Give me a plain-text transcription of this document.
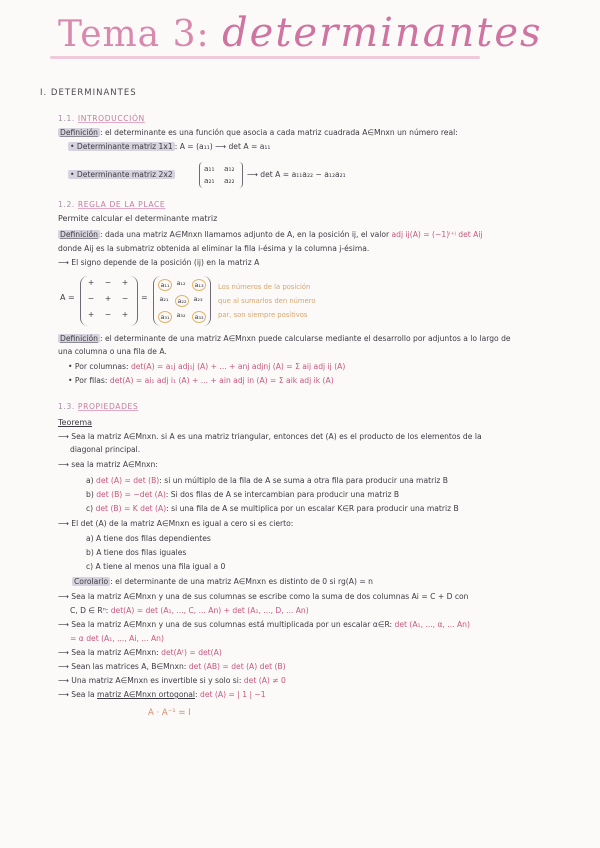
Tema 3: determinantes
I. DETERMINANTES
1.1. INTRODUCCIÓN
Definición : el determinante es una función que asocia a cada matriz cuadrada A∈Mnxn un número real:
• Determinante matriz 1x1 : A = (a₁₁) ⟶ det A = a₁₁
• Determinante matriz 2x2
a₁₁ a₁₂
a₂₁ a₂₂
⟶ det A = a₁₁a₂₂ − a₁₂a₂₁
1.2. REGLA DE LA PLACE
Permite calcular el determinante matriz
Definición : dada una matriz A∈Mnxn llamamos adjunto de A, en la posición ij, el valor adj ij(A) = (−1)ⁱ⁺ʲ det Aij
donde Aij es la submatriz obtenida al eliminar la fila i-ésima y la columna j-ésima.
⟶ El signo depende de la posición (ij) en la matriz A
A =
+	−	+
−	+	−
+	−	+
=
a₁₁	a₁₂	a₁₃
a₂₁	a₂₂	a₂₃
a₃₁	a₃₂	a₃₃
Los números de la posición
que al sumarlos den número
par, son siempre positivos
Definición : el determinante de una matriz A∈Mnxn puede calcularse mediante el desarrollo por adjuntos a lo largo de
una columna o una fila de A.
• Por columnas: det(A) = a₁j adj₁j (A) + ... + anj adjnj (A) = Σ aij adj ij (A)
• Por filas: det(A) = ai₁ adj i₁ (A) + ... + ain adj in (A) = Σ aik adj ik (A)
1.3. PROPIEDADES
Teorema
⟶ Sea la matriz A∈Mnxn. si A es una matriz triangular, entonces det (A) es el producto de los elementos de la
diagonal principal.
⟶ sea la matriz A∈Mnxn:
a) det (A) = det (B): si un múltiplo de la fila de A se suma a otra fila para producir una matriz B
b) det (B) = −det (A): Si dos filas de A se intercambian para producir una matriz B
c) det (B) = K det (A): si una fila de A se multiplica por un escalar K∈R para producir una matriz B
⟶ El det (A) de la matriz A∈Mnxn es igual a cero si es cierto:
a) A tiene dos filas dependientes
b) A tiene dos filas iguales
c) A tiene al menos una fila igual a 0
Corolario : el determinante de una matriz A∈Mnxn es distinto de 0 si rg(A) = n
⟶ Sea la matriz A∈Mnxn y una de sus columnas se escribe como la suma de dos columnas Ai = C + D con
C, D ∈ Rⁿ: det(A) = det (A₁, ..., C, ... An) + det (A₁, ..., D, ... An)
⟶ Sea la matriz A∈Mnxn y una de sus columnas está multiplicada por un escalar α∈R: det (A₁, ..., α, ... An)
= α det (A₁, ..., Ai, ... An)
⟶ Sea la matriz A∈Mnxn: det(Aᵗ) = det(A)
⟶ Sean las matrices A, B∈Mnxn: det (AB) = det (A) det (B)
⟶ Una matriz A∈Mnxn es invertible si y solo si: det (A) ≠ 0
⟶ Sea la matriz A∈Mnxn ortogonal: det (A) = | 1 | −1
A · A⁻¹ = I
